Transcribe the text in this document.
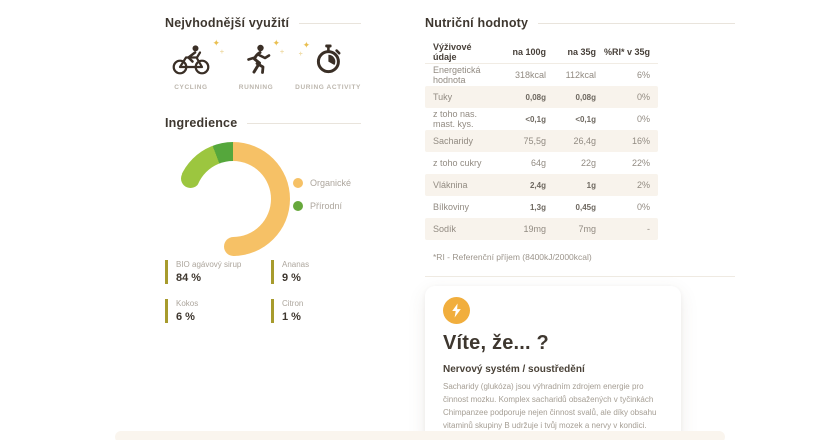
Nejvhodnější využití
✦
+
CYCLING
✦
+	RUNNING
✦
+	DURING ACTIVITY
Ingredience
Organické
Přírodní
BIO agávový sirup
84 %
Ananas
9 %
Kokos
6 %
Citron
1 %
Nutriční hodnoty
Výživové údaje	na 100g	na 35g %RI* v 35g
Energetická hodnota	318kcal	112kcal	6%
Tuky	0,08g	0,08g	0%
z toho nas. mast. kys.	<0,1g	<0,1g	0%
Sacharidy	75,5g	26,4g	16%
z toho cukry	64g	22g	22%
Vláknina	2,4g	1g	2%
Bílkoviny	1,3g	0,45g	0%
Sodík	19mg	7mg	-
*RI - Referenční příjem (8400kJ/2000kcal)
Víte, že... ?
Nervový systém / soustředění
Sacharidy (glukóza) jsou výhradním zdrojem energie pro činnost mozku. Komplex sacharidů obsažených v tyčinkách Chimpanzee podporuje nejen činnost svalů, ale díky obsahu vitaminů skupiny B udržuje i tvůj mozek a nervy v kondici.
